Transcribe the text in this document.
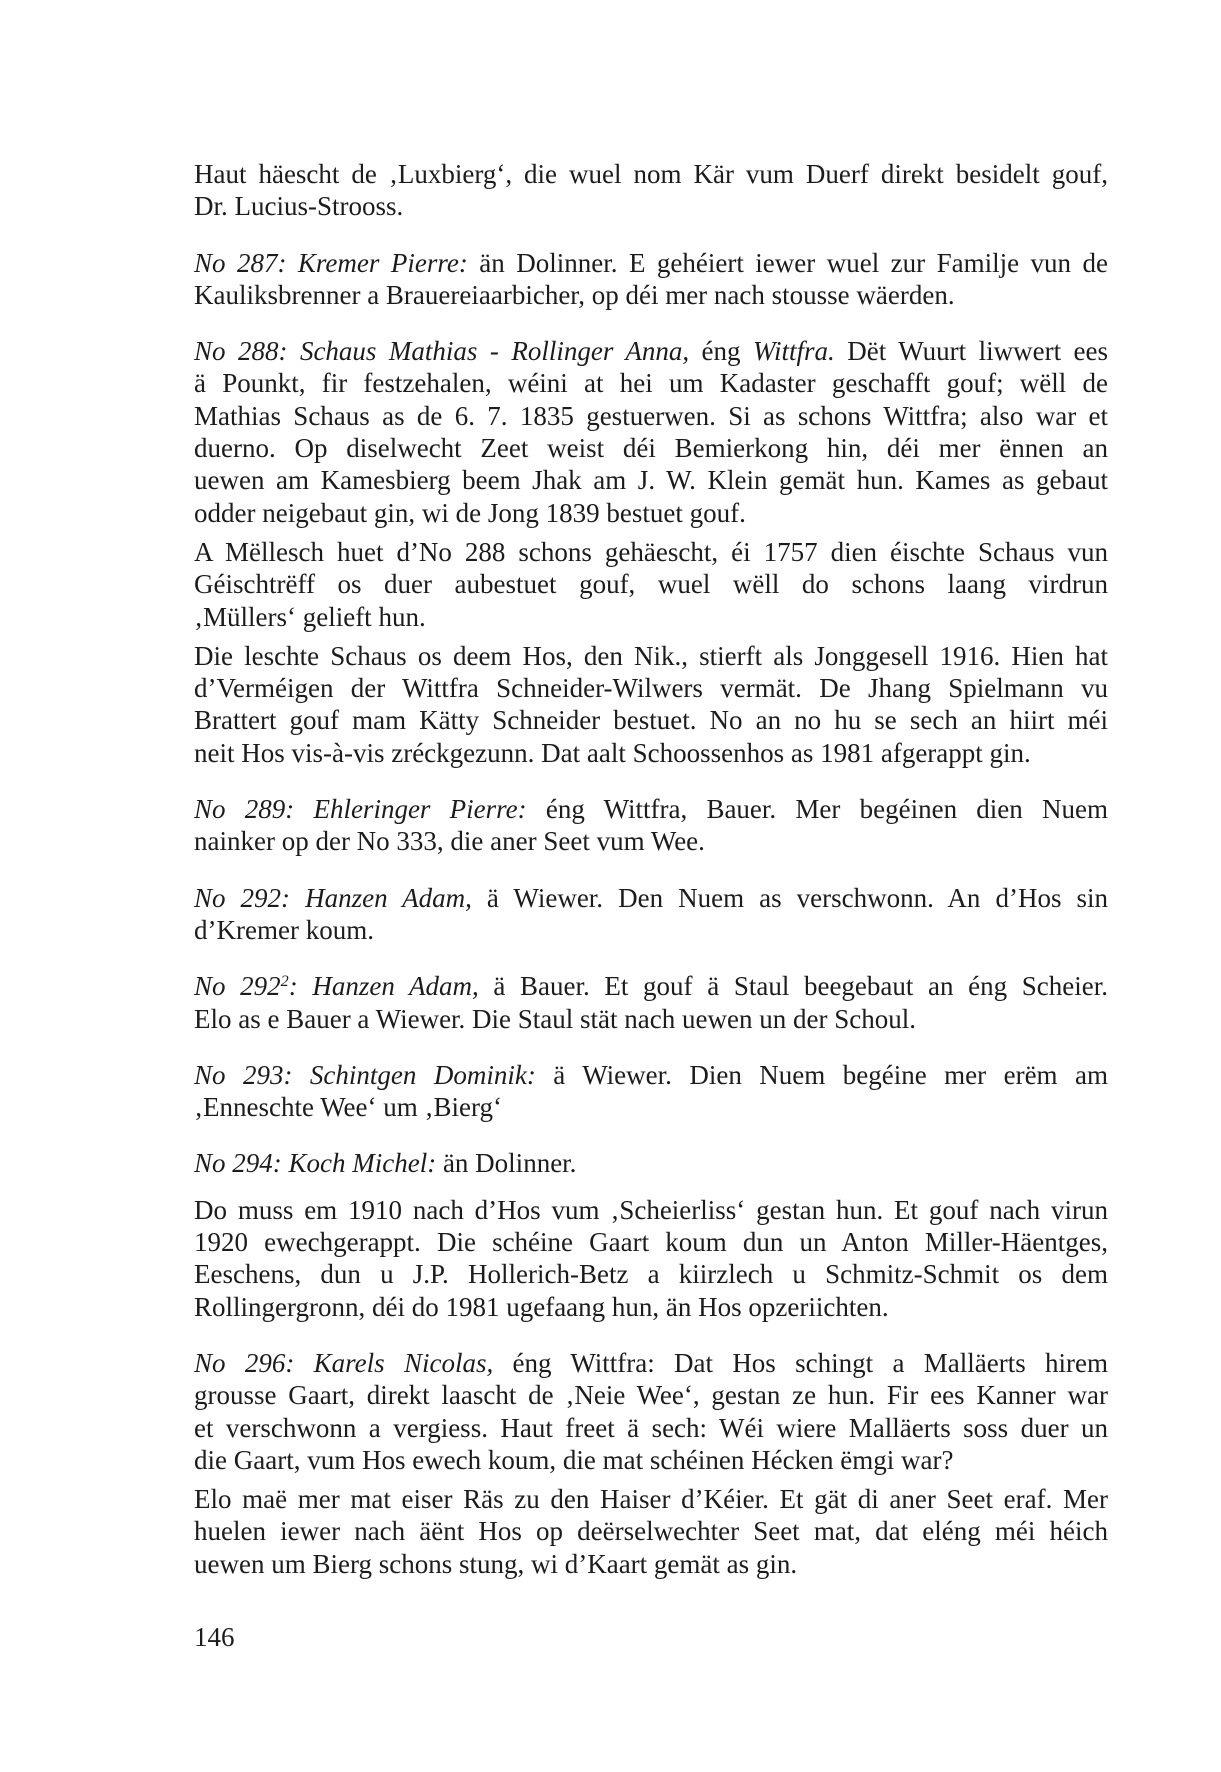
Haut häescht de ‚Luxbierg‘, die wuel nom Kär vum Duerf direkt besidelt gouf,
Dr. Lucius-Strooss.
No 287: Kremer Pierre: än Dolinner. E gehéiert iewer wuel zur Familje vun de
Kauliksbrenner a Brauereiaarbicher, op déi mer nach stousse wäerden.
No 288: Schaus Mathias - Rollinger Anna, éng Wittfra. Dët Wuurt liwwert ees
ä Pounkt, fir festzehalen, wéini at hei um Kadaster geschafft gouf; wëll de
Mathias Schaus as de 6. 7. 1835 gestuerwen. Si as schons Wittfra; also war et
duerno. Op diselwecht Zeet weist déi Bemierkong hin, déi mer ënnen an
uewen am Kamesbierg beem Jhak am J. W. Klein gemät hun. Kames as gebaut
odder neigebaut gin, wi de Jong 1839 bestuet gouf.
A Mëllesch huet d’No 288 schons gehäescht, éi 1757 dien éischte Schaus vun
Géischtrëff os duer aubestuet gouf, wuel wëll do schons laang virdrun
‚Müllers‘ gelieft hun.
Die leschte Schaus os deem Hos, den Nik., stierft als Jonggesell 1916. Hien hat
d’Verméigen der Wittfra Schneider-Wilwers vermät. De Jhang Spielmann vu
Brattert gouf mam Kätty Schneider bestuet. No an no hu se sech an hiirt méi
neit Hos vis-à-vis zréckgezunn. Dat aalt Schoossenhos as 1981 afgerappt gin.
No 289: Ehleringer Pierre: éng Wittfra, Bauer. Mer begéinen dien Nuem
nainker op der No 333, die aner Seet vum Wee.
No 292: Hanzen Adam, ä Wiewer. Den Nuem as verschwonn. An d’Hos sin
d’Kremer koum.
No $292^2$: Hanzen Adam, ä Bauer. Et gouf ä Staul beegebaut an éng Scheier.
Elo as e Bauer a Wiewer. Die Staul stät nach uewen un der Schoul.
No 293: Schintgen Dominik: ä Wiewer. Dien Nuem begéine mer erëm am
‚Enneschte Wee‘ um ‚Bierg‘
No 294: Koch Michel: än Dolinner.
Do muss em 1910 nach d’Hos vum ‚Scheierliss‘ gestan hun. Et gouf nach virun
1920 ewechgerappt. Die schéine Gaart koum dun un Anton Miller-Häentges,
Eeschens, dun u J.P. Hollerich-Betz a kiirzlech u Schmitz-Schmit os dem
Rollingergronn, déi do 1981 ugefaang hun, än Hos opzeriichten.
No 296: Karels Nicolas, éng Wittfra: Dat Hos schingt a Malläerts hirem
grousse Gaart, direkt laascht de ‚Neie Wee‘, gestan ze hun. Fir ees Kanner war
et verschwonn a vergiess. Haut freet ä sech: Wéi wiere Malläerts soss duer un
die Gaart, vum Hos ewech koum, die mat schéinen Hécken ëmgi war?
Elo maë mer mat eiser Räs zu den Haiser d’Kéier. Et gät di aner Seet eraf. Mer
huelen iewer nach äënt Hos op deërselwechter Seet mat, dat eléng méi héich
uewen um Bierg schons stung, wi d’Kaart gemät as gin.
146
